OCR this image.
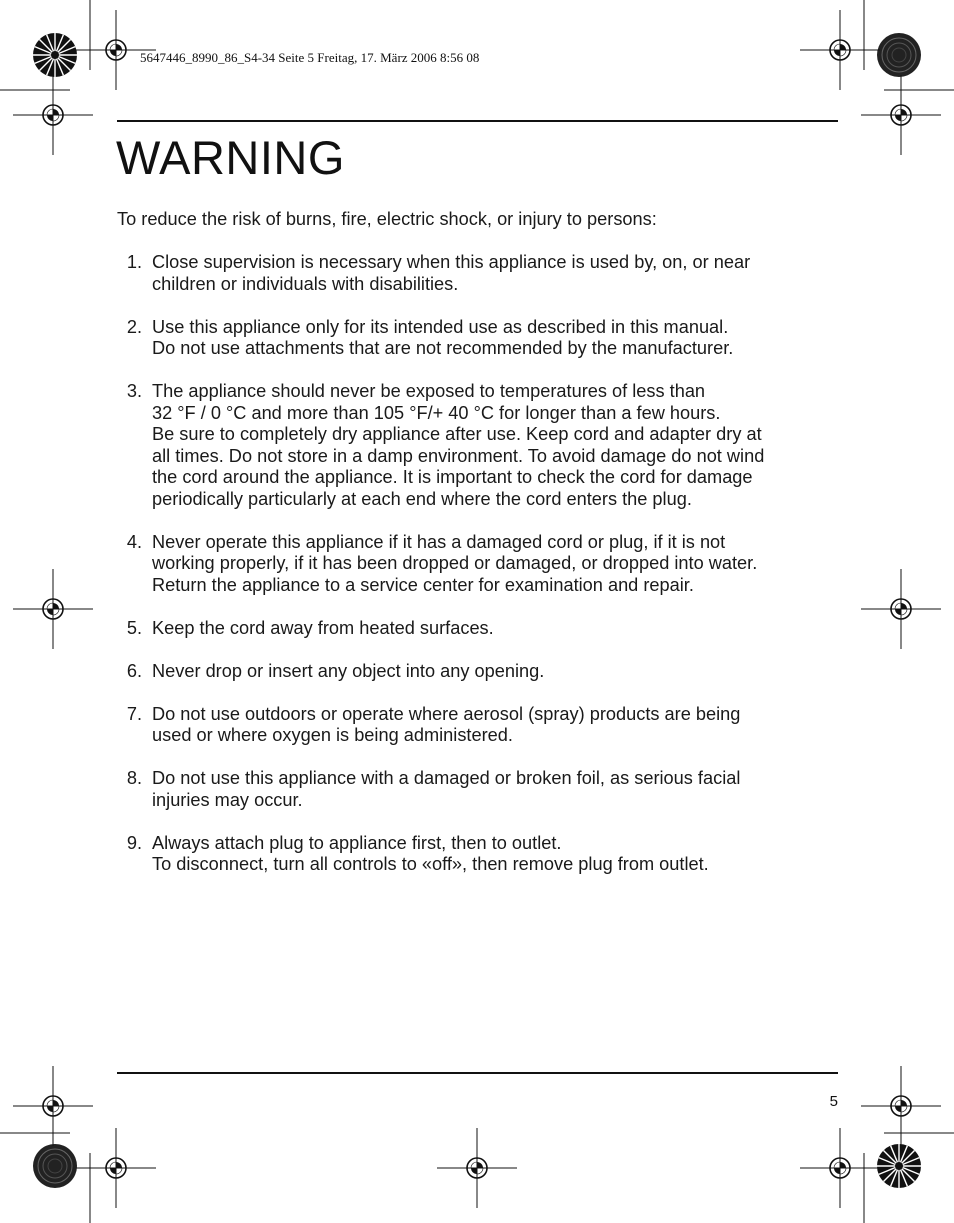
5647446_8990_86_S4-34 Seite 5 Freitag, 17. März 2006 8:56 08
WARNING

To reduce the risk of burns, fire, electric shock, or injury to persons:

1. Close supervision is necessary when this appliance is used by, on, or near
children or individuals with disabilities.
2. Use this appliance only for its intended use as described in this manual.
Do not use attachments that are not recommended by the manufacturer.
3. The appliance should never be exposed to temperatures of less than
32 °F / 0 °C and more than 105 °F/+ 40 °C for longer than a few hours.
Be sure to completely dry appliance after use. Keep cord and adapter dry at
all times. Do not store in a damp environment. To avoid damage do not wind
the cord around the appliance. It is important to check the cord for damage
periodically particularly at each end where the cord enters the plug.
4. Never operate this appliance if it has a damaged cord or plug, if it is not
working properly, if it has been dropped or damaged, or dropped into water.
Return the appliance to a service center for examination and repair.
5. Keep the cord away from heated surfaces.
6. Never drop or insert any object into any opening.
7. Do not use outdoors or operate where aerosol (spray) products are being
used or where oxygen is being administered.
8. Do not use this appliance with a damaged or broken foil, as serious facial
injuries may occur.
9. Always attach plug to appliance first, then to outlet.
To disconnect, turn all controls to «off», then remove plug from outlet.
5
